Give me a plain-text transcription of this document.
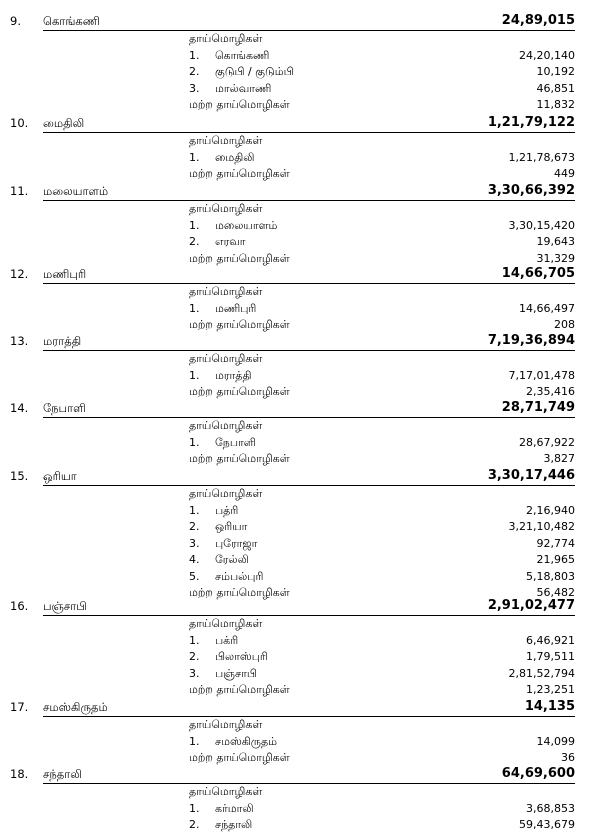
9. கொங்கணி	24,89,015
தாய்மொழிகள்
1. கொங்கணி	24,20,140
2. குடுபி / குடும்பி	10,192
3. மால்வாணி	46,851
மற்ற தாய்மொழிகள்	11,832
10. மைதிலி	1,21,79,122
தாய்மொழிகள்
1. மைதிலி	1,21,78,673
மற்ற தாய்மொழிகள்	449
11. மலையாளம்	3,30,66,392
தாய்மொழிகள்
1. மலையாளம்	3,30,15,420
2. எரவா	19,643
மற்ற தாய்மொழிகள்	31,329
12. மணிபுரி	14,66,705
தாய்மொழிகள்
1. மணிபுரி	14,66,497
மற்ற தாய்மொழிகள்	208
13. மராத்தி	7,19,36,894
தாய்மொழிகள்
1. மராத்தி	7,17,01,478
மற்ற தாய்மொழிகள்	2,35,416
14. நேபாளி	28,71,749
தாய்மொழிகள்
1. நேபாளி	28,67,922
மற்ற தாய்மொழிகள்	3,827
15. ஒரியா	3,30,17,446
தாய்மொழிகள்
1. பத்ரி	2,16,940
2. ஒரியா	3,21,10,482
3. புரோஜா	92,774
4. ரேல்லி	21,965
5. சம்பல்புரி	5,18,803
மற்ற தாய்மொழிகள்	56,482
16. பஞ்சாபி	2,91,02,477
தாய்மொழிகள்
1. பக்ரி	6,46,921
2. பிலாஸ்புரி	1,79,511
3. பஞ்சாபி	2,81,52,794
மற்ற தாய்மொழிகள்	1,23,251
17. சமஸ்கிருதம்	14,135
தாய்மொழிகள்
1. சமஸ்கிருதம்	14,099
மற்ற தாய்மொழிகள்	36
18. சந்தாலி	64,69,600
தாய்மொழிகள்
1. கர்மாலி	3,68,853
2. சந்தாலி	59,43,679
